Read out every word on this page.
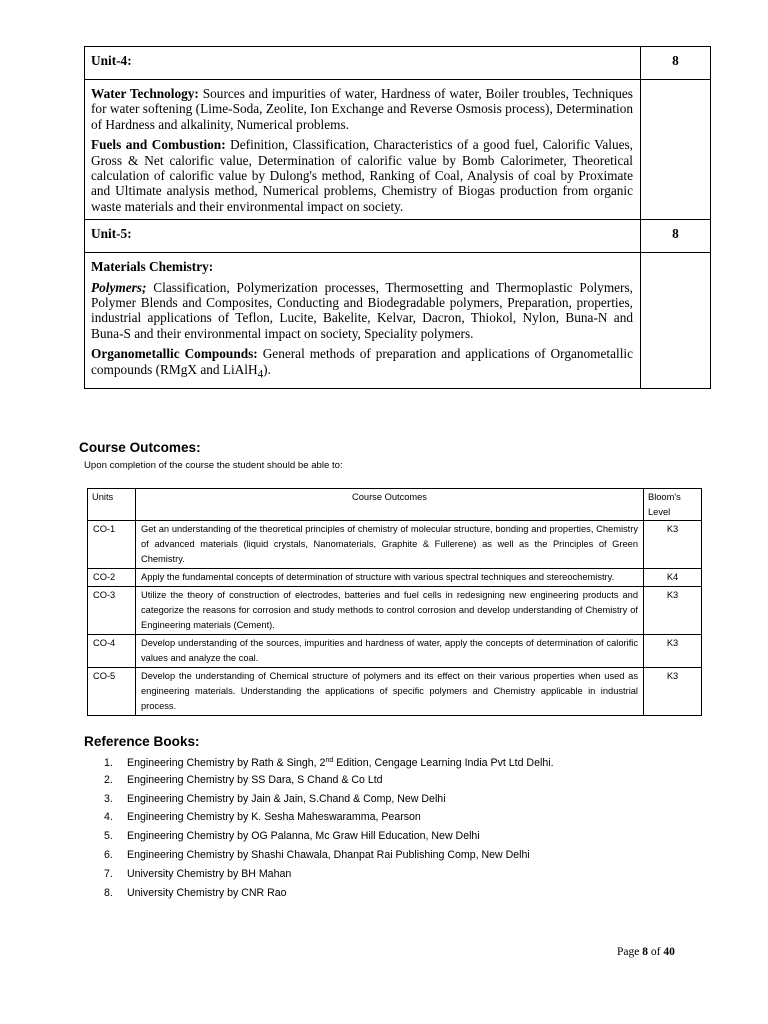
Unit-4:	8

Water Technology: Sources and impurities of water, Hardness of water, Boiler troubles, Techniques for water softening (Lime-Soda, Zeolite, Ion Exchange and Reverse Osmosis process), Determination of Hardness and alkalinity, Numerical problems.

Fuels and Combustion: Definition, Classification, Characteristics of a good fuel, Calorific Values, Gross & Net calorific value, Determination of calorific value by Bomb Calorimeter, Theoretical calculation of calorific value by Dulong's method, Ranking of Coal, Analysis of coal by Proximate and Ultimate analysis method, Numerical problems, Chemistry of Biogas production from organic waste materials and their environmental impact on society.	

Unit-5:	8

Materials Chemistry:

Polymers; Classification, Polymerization processes, Thermosetting and Thermoplastic Polymers, Polymer Blends and Composites, Conducting and Biodegradable polymers, Preparation, properties, industrial applications of Teflon, Lucite, Bakelite, Kelvar, Dacron, Thiokol, Nylon, Buna-N and Buna-S and their environmental impact on society, Speciality polymers.

Organometallic Compounds: General methods of preparation and applications of Organometallic compounds (RMgX and LiAlH$_4$).	

Course Outcomes:

Upon completion of the course the student should be able to:

Units	Course Outcomes	Bloom's Level
CO-1	Get an understanding of the theoretical principles of chemistry of molecular structure, bonding and properties, Chemistry of advanced materials (liquid crystals, Nanomaterials, Graphite & Fullerene) as well as the Principles of Green Chemistry.	K3
CO-2	Apply the fundamental concepts of determination of structure with various spectral techniques and stereochemistry.	K4
CO-3	Utilize the theory of construction of electrodes, batteries and fuel cells in redesigning new engineering products and categorize the reasons for corrosion and study methods to control corrosion and develop understanding of Chemistry of Engineering materials (Cement).	K3
CO-4	Develop understanding of the sources, impurities and hardness of water, apply the concepts of determination of calorific values and analyze the coal.	K3
CO-5	Develop the understanding of Chemical structure of polymers and its effect on their various properties when used as engineering materials. Understanding the applications of specific polymers and Chemistry applicable in industrial process.	K3
Reference Books:
1. Engineering Chemistry by Rath & Singh, 2nd Edition, Cengage Learning India Pvt Ltd Delhi.
2. Engineering Chemistry by SS Dara, S Chand & Co Ltd
3. Engineering Chemistry by Jain & Jain, S.Chand & Comp, New Delhi
4. Engineering Chemistry by K. Sesha Maheswaramma, Pearson
5. Engineering Chemistry by OG Palanna, Mc Graw Hill Education, New Delhi
6. Engineering Chemistry by Shashi Chawala, Dhanpat Rai Publishing Comp, New Delhi
7. University Chemistry by BH Mahan
8. University Chemistry by CNR Rao
Page 8 of 40
